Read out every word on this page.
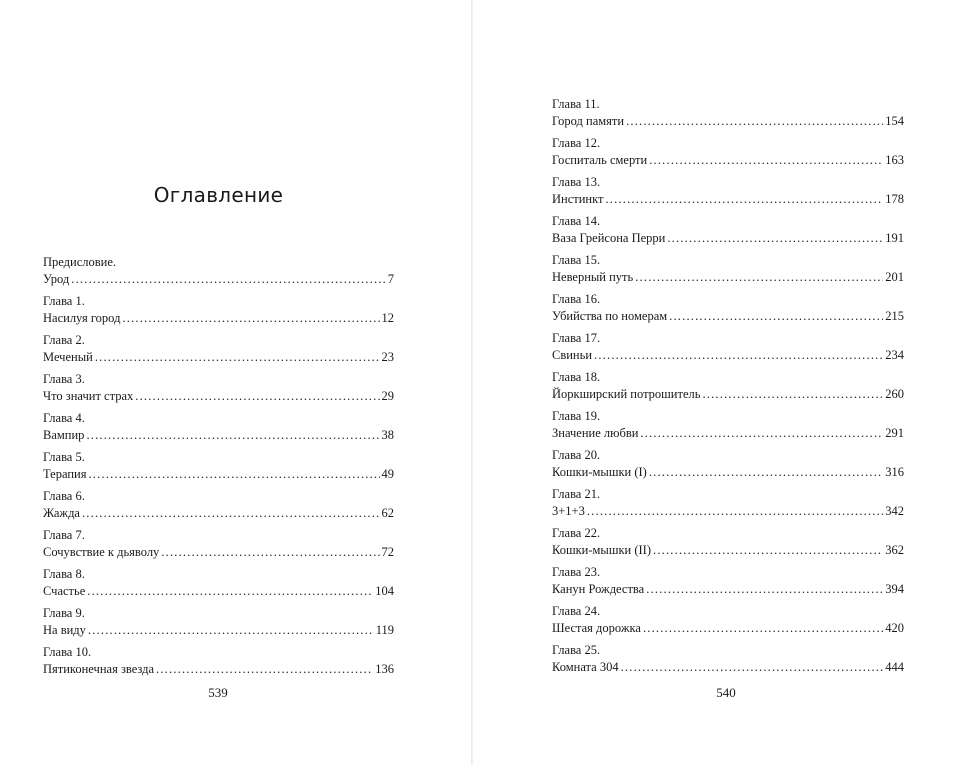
Оглавление
Предисловие.
Урод .....	7
Глава 1.
Насилуя город .....	12
Глава 2.
Меченый .....	23
Глава 3.
Что значит страх .....	29
Глава 4.
Вампир .....	38
Глава 5.
Терапия .....	49
Глава 6.
Жажда .....	62
Глава 7.
Сочувствие к дьяволу .....	72
Глава 8.
Счастье .....	104
Глава 9.
На виду .....	119
Глава 10.
Пятиконечная звезда .....	136
539
Глава 11.
Город памяти .....	154
Глава 12.
Госпиталь смерти .....	163
Глава 13.
Инстинкт .....	178
Глава 14.
Ваза Грейсона Перри .....	191
Глава 15.
Неверный путь .....	201
Глава 16.
Убийства по номерам .....	215
Глава 17.
Свиньи .....	234
Глава 18.
Йоркширский потрошитель .....	260
Глава 19.
Значение любви .....	291
Глава 20.
Кошки-мышки (I) .....	316
Глава 21.
3+1+3 .....	342
Глава 22.
Кошки-мышки (II) .....	362
Глава 23.
Канун Рождества .....	394
Глава 24.
Шестая дорожка .....	420
Глава 25.
Комната 304 .....	444
540
